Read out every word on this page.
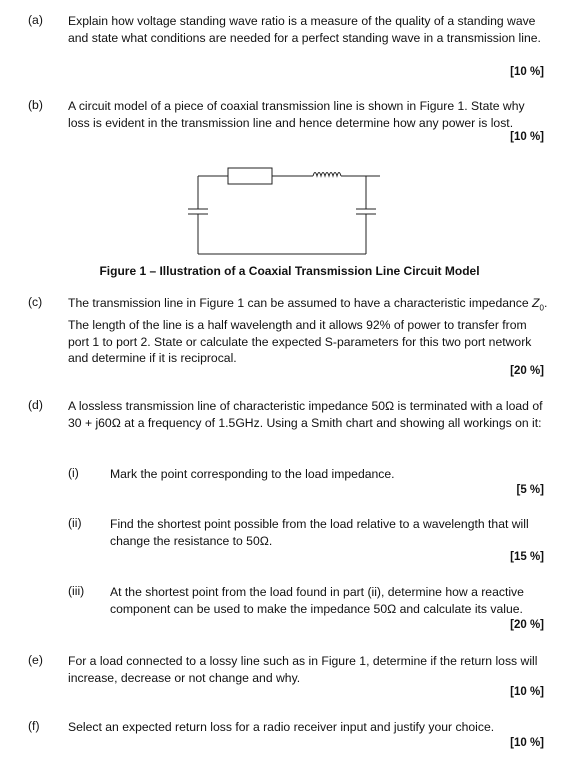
(a) Explain how voltage standing wave ratio is a measure of the quality of a standing wave and state what conditions are needed for a perfect standing wave in a transmission line.
[10 %]
(b) A circuit model of a piece of coaxial transmission line is shown in Figure 1. State why loss is evident in the transmission line and hence determine how any power is lost.
[10 %]
Figure 1 – Illustration of a Coaxial Transmission Line Circuit Model
(c) The transmission line in Figure 1 can be assumed to have a characteristic impedance $Z_0$. The length of the line is a half wavelength and it allows 92% of power to transfer from port 1 to port 2. State or calculate the expected S-parameters for this two port network and determine if it is reciprocal.
[20 %]
(d) A lossless transmission line of characteristic impedance 50Ω is terminated with a load of 30 + j60Ω at a frequency of 1.5GHz. Using a Smith chart and showing all workings on it:
(i)	Mark the point corresponding to the load impedance.
[5 %]
(ii) Find the shortest point possible from the load relative to a wavelength that will change the resistance to 50Ω.
[15 %]
(iii) At the shortest point from the load found in part (ii), determine how a reactive component can be used to make the impedance 50Ω and calculate its value.
[20 %]
(e) For a load connected to a lossy line such as in Figure 1, determine if the return loss will increase, decrease or not change and why.
[10 %]
(f) Select an expected return loss for a radio receiver input and justify your choice.
[10 %]
